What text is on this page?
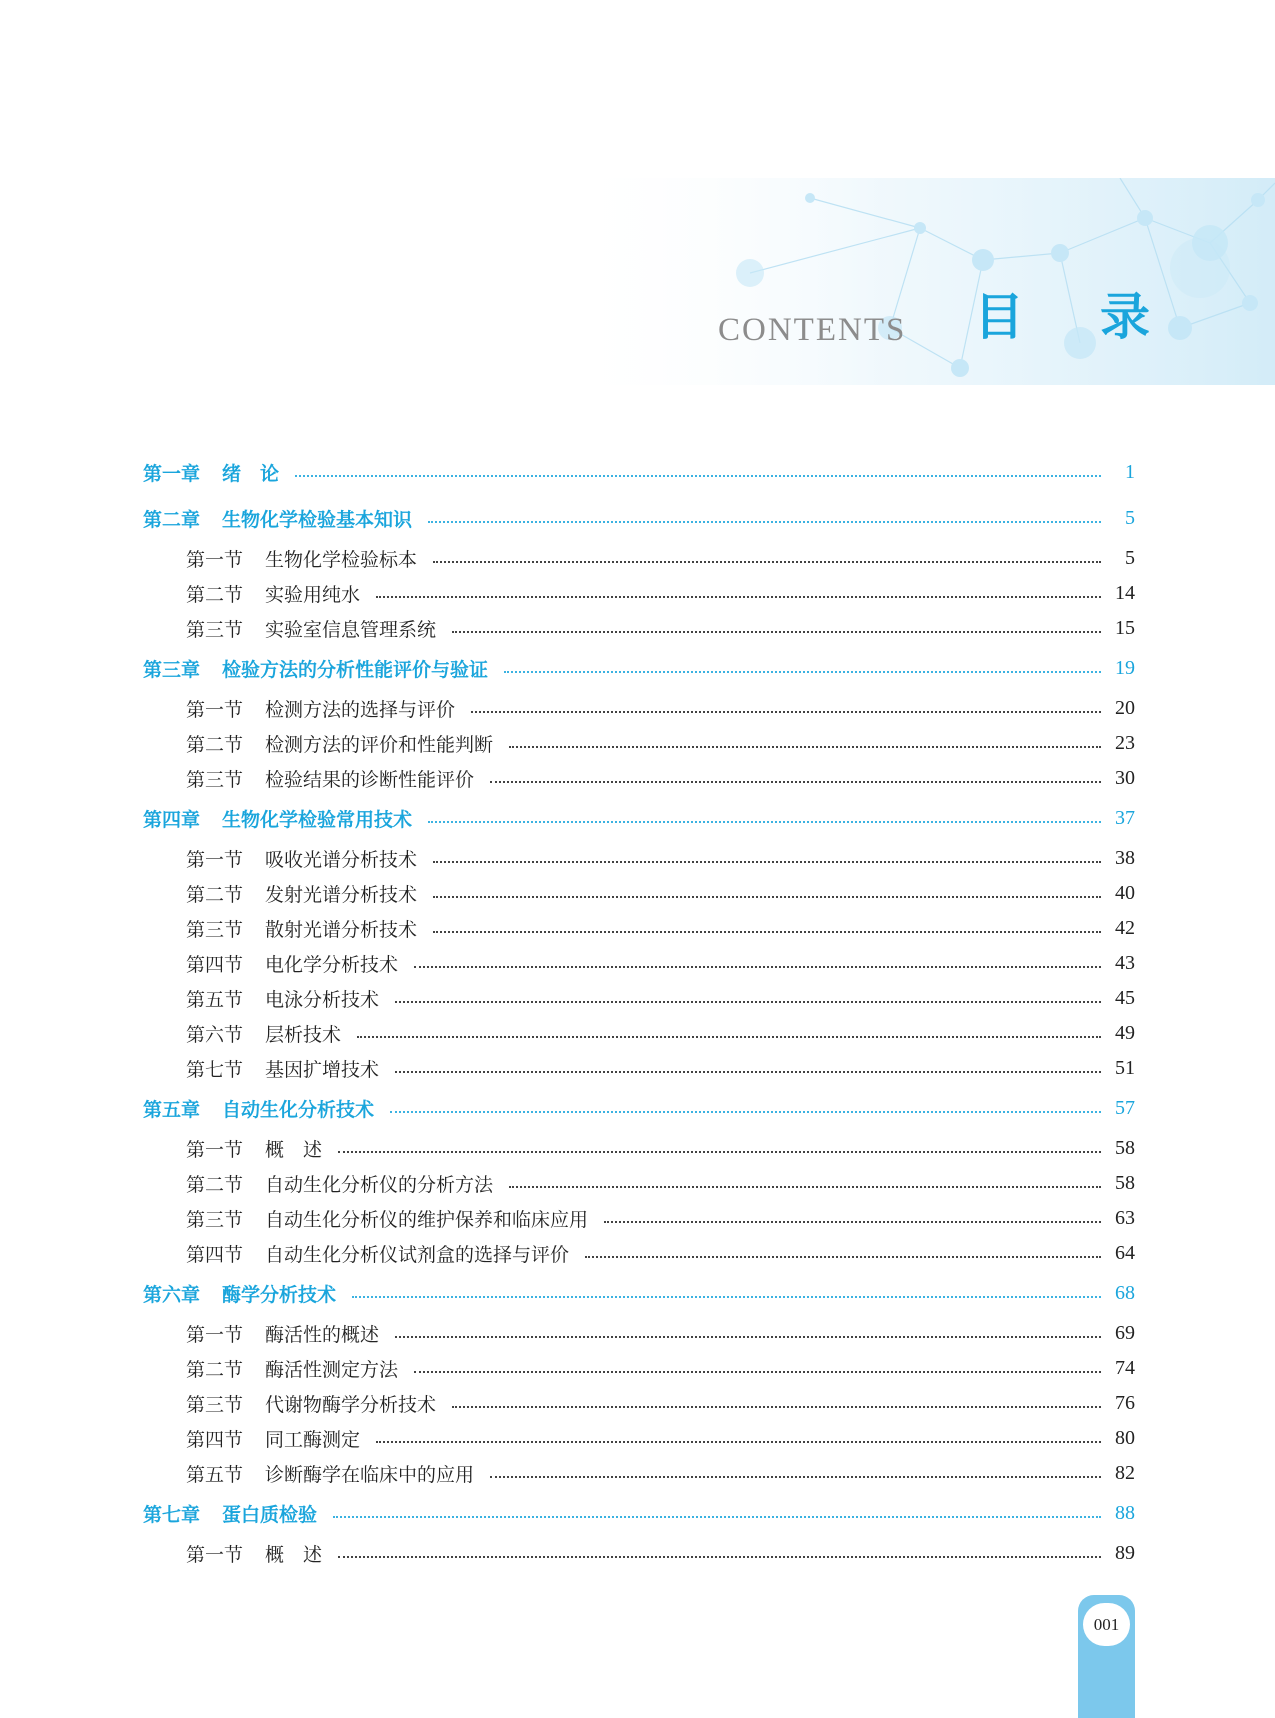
CONTENTS 目 录
第一章 绪　论	1
第二章 生物化学检验基本知识	5
第一节 生物化学检验标本	5
第二节 实验用纯水	14
第三节 实验室信息管理系统	15
第三章 检验方法的分析性能评价与验证	19
第一节 检测方法的选择与评价	20
第二节 检测方法的评价和性能判断	23
第三节 检验结果的诊断性能评价	30
第四章 生物化学检验常用技术	37
第一节 吸收光谱分析技术	38
第二节 发射光谱分析技术	40
第三节 散射光谱分析技术	42
第四节 电化学分析技术	43
第五节 电泳分析技术	45
第六节 层析技术	49
第七节 基因扩增技术	51
第五章 自动生化分析技术	57
第一节 概　述	58
第二节 自动生化分析仪的分析方法	58
第三节 自动生化分析仪的维护保养和临床应用	63
第四节 自动生化分析仪试剂盒的选择与评价	64
第六章 酶学分析技术	68
第一节 酶活性的概述	69
第二节 酶活性测定方法	74
第三节 代谢物酶学分析技术	76
第四节 同工酶测定	80
第五节 诊断酶学在临床中的应用	82
第七章 蛋白质检验	88
第一节 概　述	89
001
